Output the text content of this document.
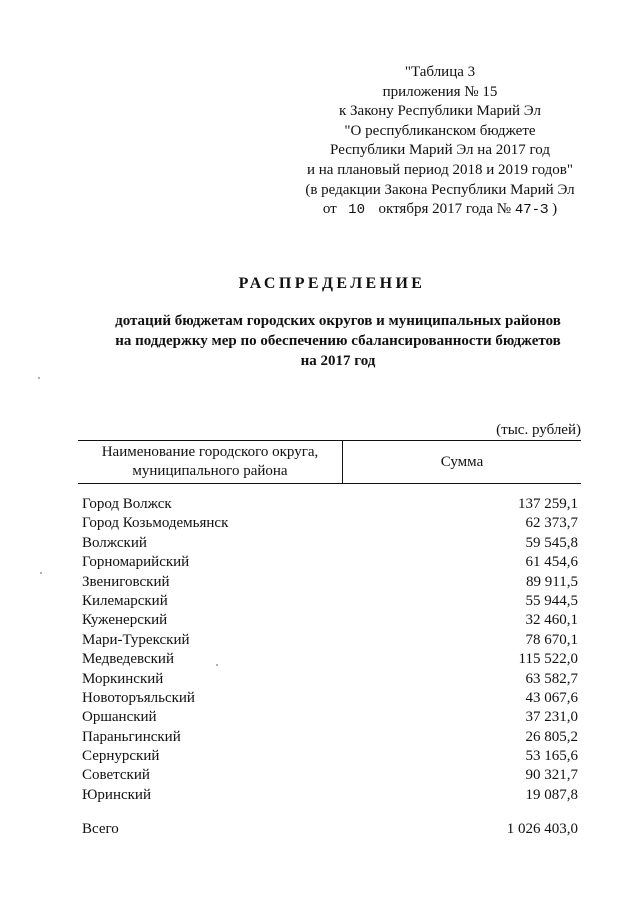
"Таблица 3
приложения № 15
к Закону Республики Марий Эл
"О республиканском бюджете
Республики Марий Эл на 2017 год
и на плановый период 2018 и 2019 годов"
(в редакции Закона Республики Марий Эл
от 10 октября 2017 года № 47-З )
РАСПРЕДЕЛЕНИЕ
дотаций бюджетам городских округов и муниципальных районов
на поддержку мер по обеспечению сбалансированности бюджетов
на 2017 год
(тыс. рублей)
Наименование городского округа,
муниципального района
Сумма
Город Волжск	137 259,1
Город Козьмодемьянск	62 373,7
Волжский	59 545,8
Горномарийский	61 454,6
Звениговский	89 911,5
Килемарский	55 944,5
Куженерский	32 460,1
Мари-Турекский	78 670,1
Медведевский	115 522,0
Моркинский	63 582,7
Новоторъяльский	43 067,6
Оршанский	37 231,0
Параньгинский	26 805,2
Сернурский	53 165,6
Советский	90 321,7
Юринский	19 087,8
Всего	1 026 403,0
